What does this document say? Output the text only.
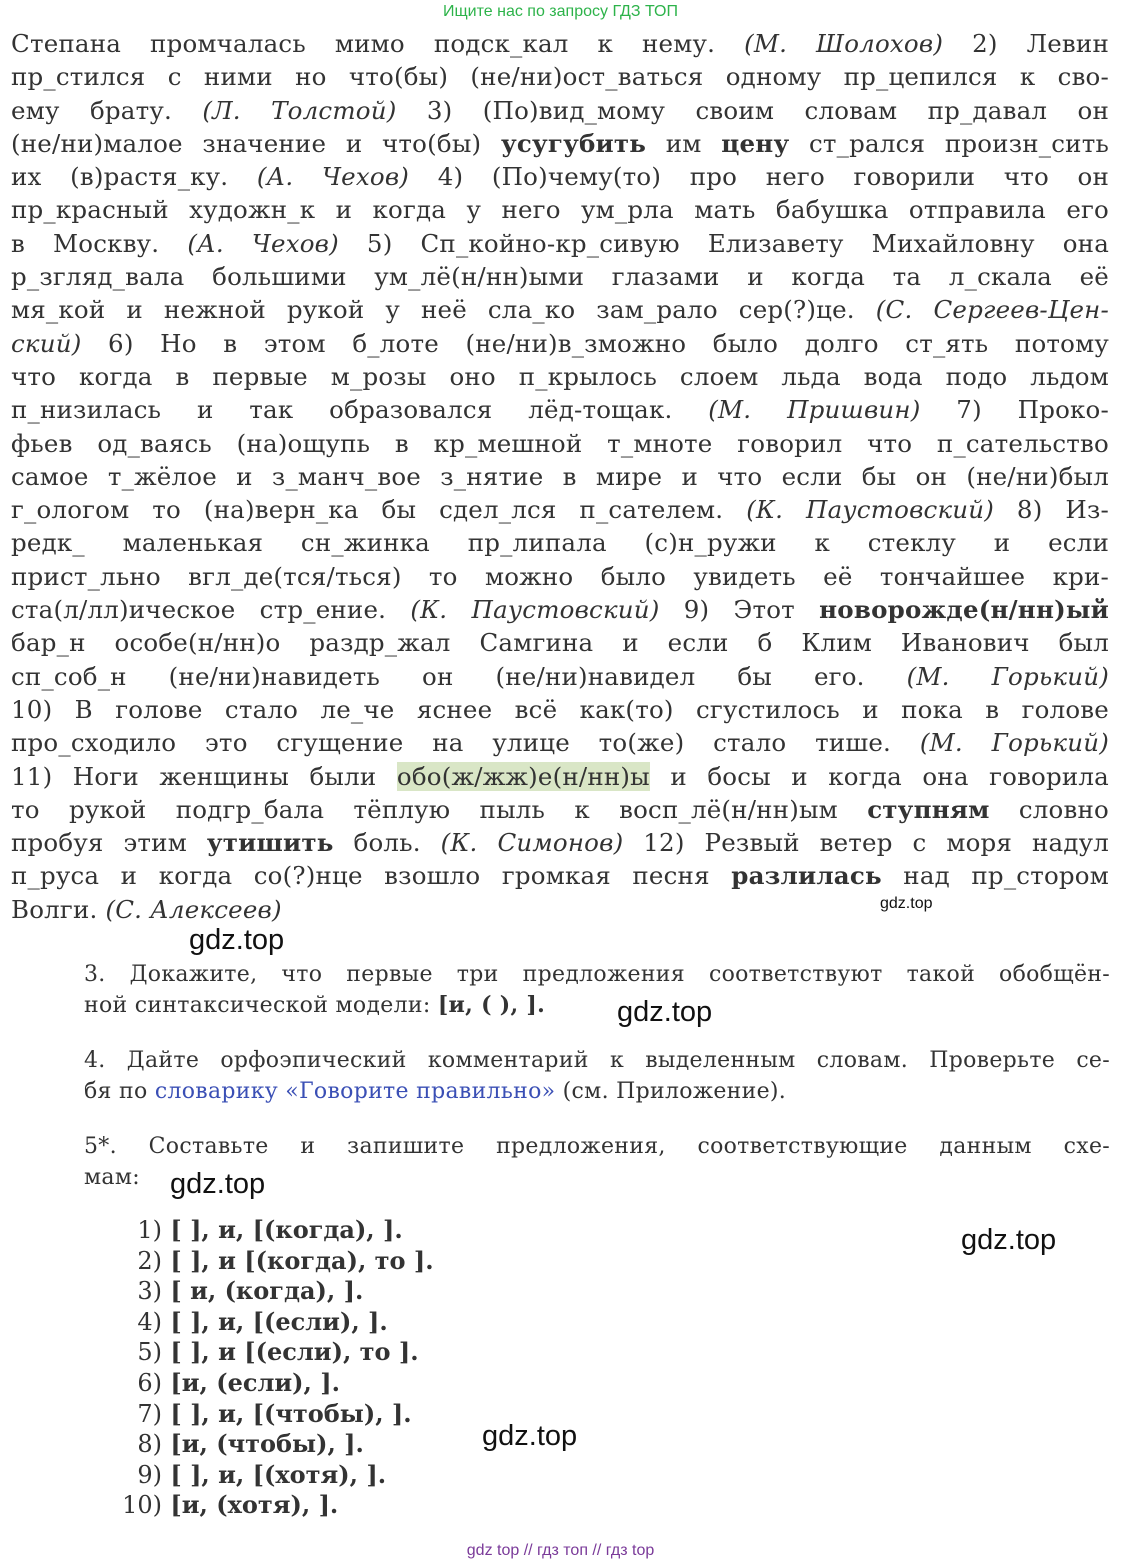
Ищите нас по запросу ГДЗ ТОП
Степана промчалась мимо подск_кал к нему. (М. Шолохов) 2) Левин
пр_стился с ними но что(бы) (не/ни)ост_ваться одному пр_цепился к сво-
ему брату. (Л. Толстой) 3) (По)вид_мому своим словам пр_давал он
(не/ни)малое значение и что(бы) усугубить им цену ст_рался произн_сить
их (в)растя_ку. (А. Чехов) 4) (По)чему(то) про него говорили что он
пр_красный художн_к и когда у него ум_рла мать бабушка отправила его
в Москву. (А. Чехов) 5) Сп_койно-кр_сивую Елизавету Михайловну она
р_згляд_вала большими ум_лё(н/нн)ыми глазами и когда та л_скала её
мя_кой и нежной рукой у неё сла_ко зам_рало сер(?)це. (С. Сергеев-Цен-
ский) 6) Но в этом б_лоте (не/ни)в_зможно было долго ст_ять потому
что когда в первые м_розы оно п_крылось слоем льда вода подо льдом
п_низилась и так образовался лёд-тощак. (М. Пришвин) 7) Проко-
фьев од_ваясь (на)ощупь в кр_мешной т_мноте говорил что п_сательство
самое т_жёлое и з_манч_вое з_нятие в мире и что если бы он (не/ни)был
г_ологом то (на)верн_ка бы сдел_лся п_сателем. (К. Паустовский) 8) Из-
редк_ маленькая сн_жинка пр_липала (с)н_ружи к стеклу и если
прист_льно вгл_де(тся/ться) то можно было увидеть её тончайшее кри-
ста(л/лл)ическое стр_ение. (К. Паустовский) 9) Этот новорожде(н/нн)ый
бар_н особе(н/нн)о раздр_жал Самгина и если б Клим Иванович был
сп_соб_н (не/ни)навидеть он (не/ни)навидел бы его. (М. Горький)
10) В голове стало ле_че яснее всё как(то) сгустилось и пока в голове
про_сходило это сгущение на улице то(же) стало тише. (М. Горький)
11) Ноги женщины были обо(ж/жж)е(н/нн)ы и босы и когда она говорила
то рукой подгр_бала тёплую пыль к восп_лё(н/нн)ым ступням словно
пробуя этим утишить боль. (К. Симонов) 12) Резвый ветер с моря надул
п_руса и когда со(?)нце взошло громкая песня разлилась над пр_стором
Волги. (С. Алексеев)	gdz.top
gdz.top
gdz.top
gdz.top
gdz.top
gdz.top
3. Докажите, что первые три предложения соответствуют такой обобщён-
ной синтаксической модели: [и, ( ), ].
4. Дайте орфоэпический комментарий к выделенным словам. Проверьте се-
бя по словарику «Говорите правильно» (см. Приложение).
5*. Составьте и запишите предложения, соответствующие данным схе-
мам:
1) [ ], и, [(когда), ].
2) [ ], и [(когда), то ].
3) [ и, (когда), ].
4) [ ], и, [(если), ].
5) [ ], и [(если), то ].
6) [и, (если), ].
7) [ ], и, [(чтобы), ].
8) [и, (чтобы), ].
9) [ ], и, [(хотя), ].
10) [и, (хотя), ].
gdz top // гдз топ // гдз top
